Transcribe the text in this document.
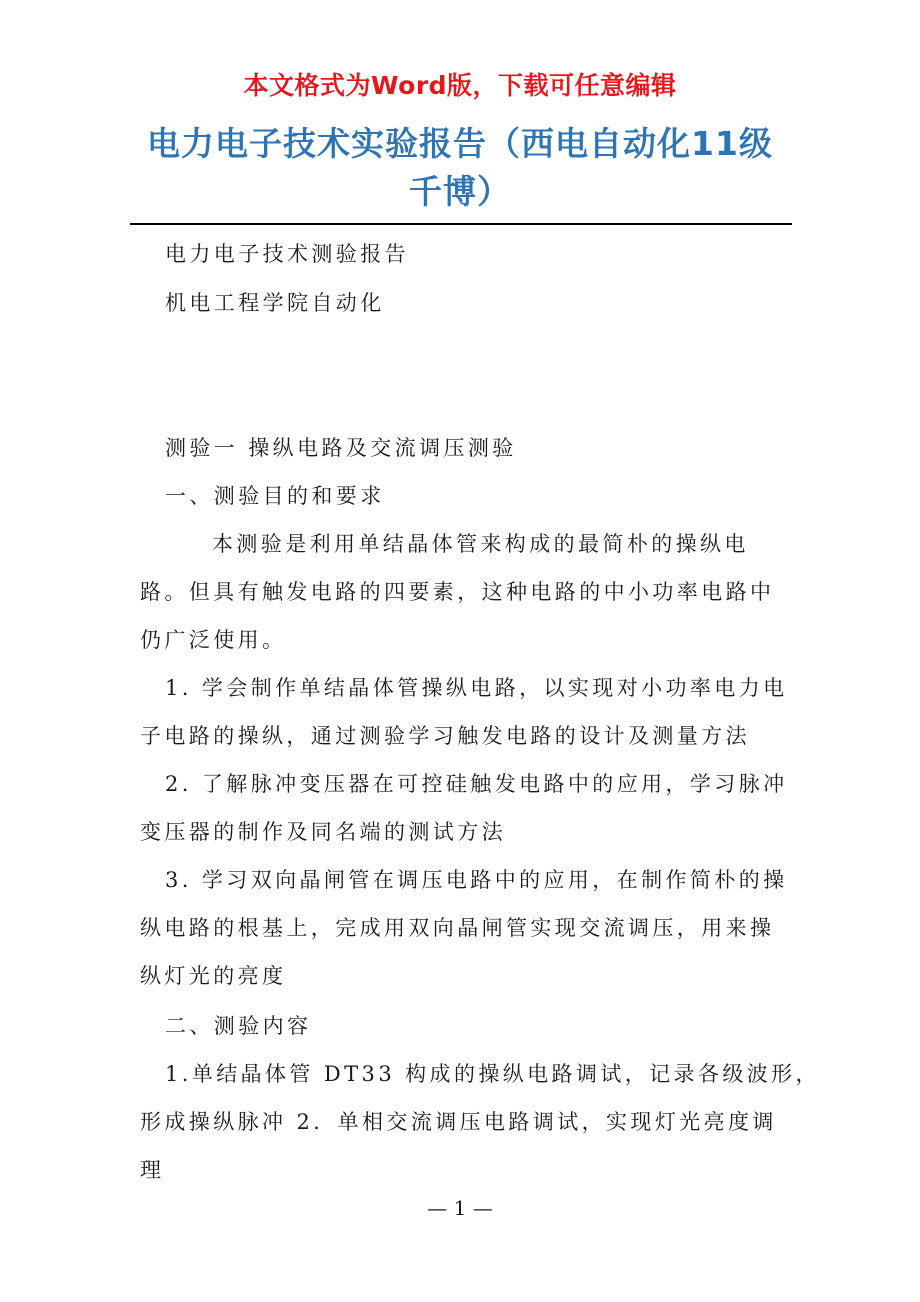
本文格式为Word版，下载可任意编辑
电力电子技术实验报告（西电自动化11级
千博）
电力电子技术测验报告
机电工程学院自动化
测验一 操纵电路及交流调压测验
一、测验目的和要求
本测验是利用单结晶体管来构成的最简朴的操纵电
路。但具有触发电路的四要素，这种电路的中小功率电路中
仍广泛使用。
1. 学会制作单结晶体管操纵电路，以实现对小功率电力电
子电路的操纵，通过测验学习触发电路的设计及测量方法
2. 了解脉冲变压器在可控硅触发电路中的应用，学习脉冲
变压器的制作及同名端的测试方法
3. 学习双向晶闸管在调压电路中的应用，在制作简朴的操
纵电路的根基上，完成用双向晶闸管实现交流调压，用来操
纵灯光的亮度
二、测验内容
1.单结晶体管 DT33 构成的操纵电路调试，记录各级波形，
形成操纵脉冲 2．单相交流调压电路调试，实现灯光亮度调
理
— 1 —
